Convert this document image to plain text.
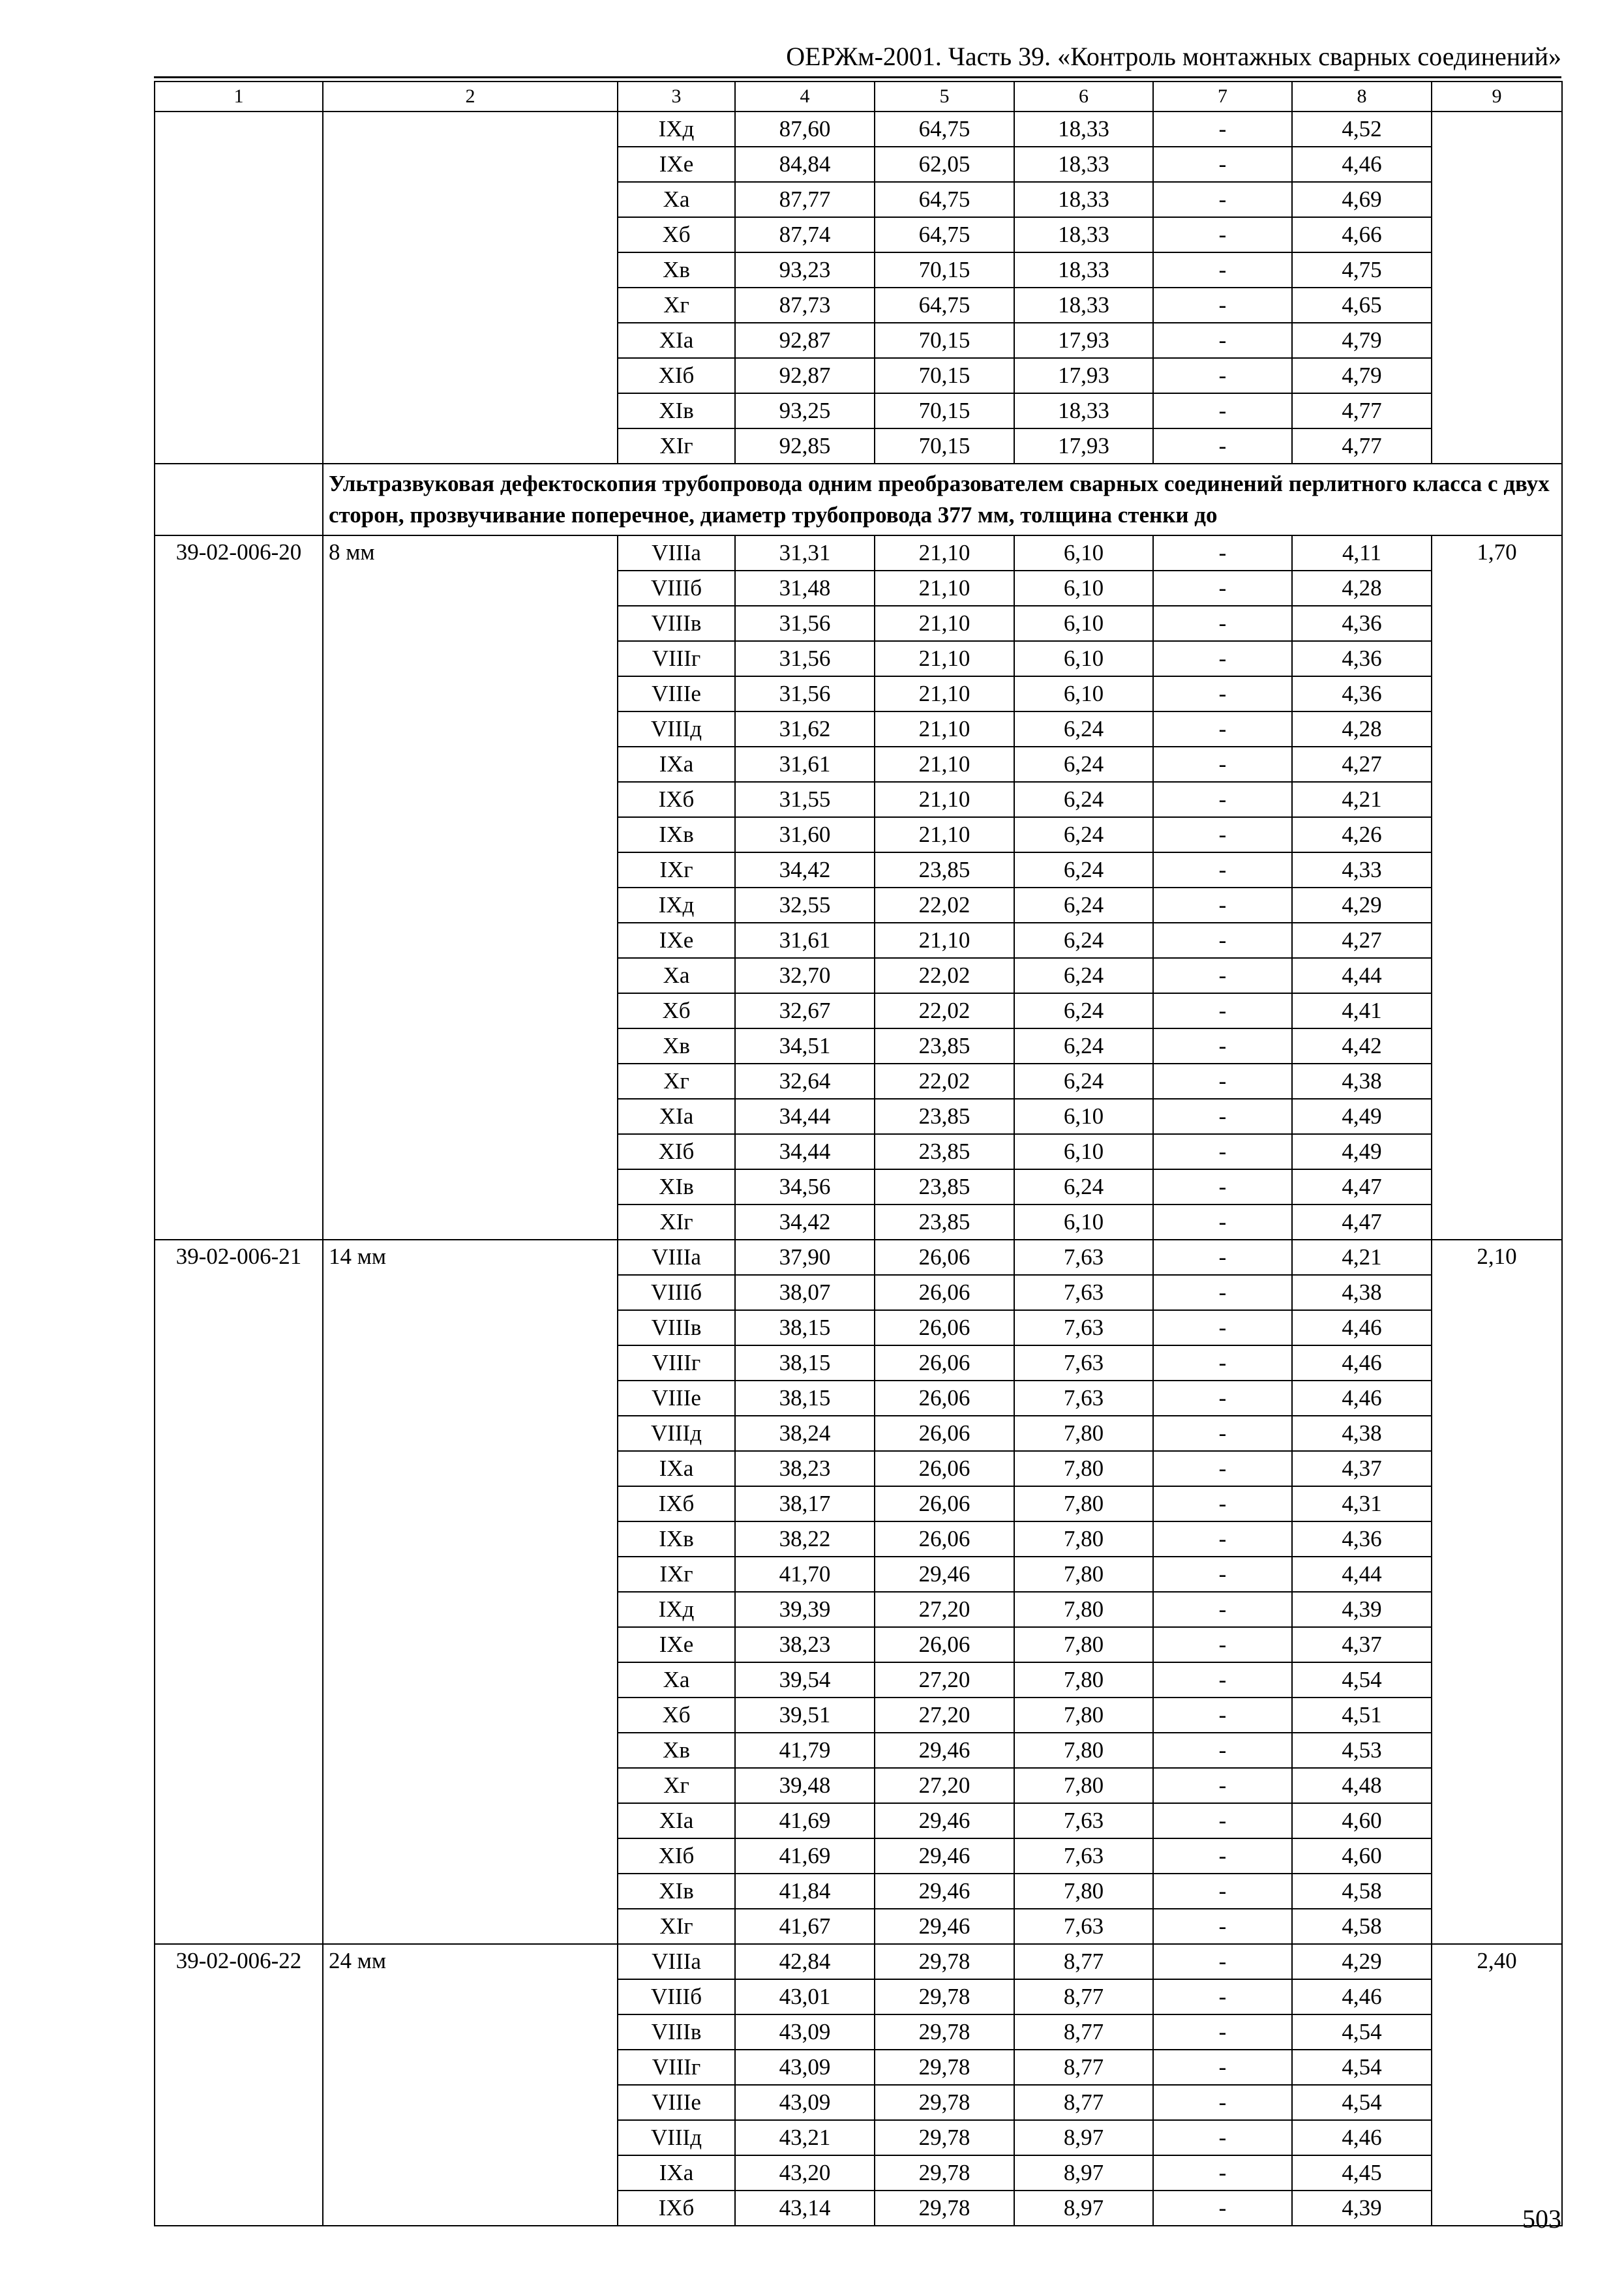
ОЕРЖм-2001. Часть 39. «Контроль монтажных сварных соединений»
1	2	3	4	5	6	7	8	9
		IXд	87,60	64,75	18,33	-	4,52	
		IXе	84,84	62,05	18,33	-	4,46	
		Xа	87,77	64,75	18,33	-	4,69	
		Xб	87,74	64,75	18,33	-	4,66	
		Xв	93,23	70,15	18,33	-	4,75	
		Xг	87,73	64,75	18,33	-	4,65	
		XIа	92,87	70,15	17,93	-	4,79	
		XIб	92,87	70,15	17,93	-	4,79	
		XIв	93,25	70,15	18,33	-	4,77	
		XIг	92,85	70,15	17,93	-	4,77	
	Ультразвуковая дефектоскопия трубопровода одним преобразователем сварных соединений перлитного класса с двух сторон, прозвучивание поперечное, диаметр трубопровода 377 мм, толщина стенки до							
39-02-006-20	8 мм	VIIIа	31,31	21,10	6,10	-	4,11	1,70
		VIIIб	31,48	21,10	6,10	-	4,28	
		VIIIв	31,56	21,10	6,10	-	4,36	
		VIIIг	31,56	21,10	6,10	-	4,36	
		VIIIе	31,56	21,10	6,10	-	4,36	
		VIIIд	31,62	21,10	6,24	-	4,28	
		IXа	31,61	21,10	6,24	-	4,27	
		IXб	31,55	21,10	6,24	-	4,21	
		IXв	31,60	21,10	6,24	-	4,26	
		IXг	34,42	23,85	6,24	-	4,33	
		IXд	32,55	22,02	6,24	-	4,29	
		IXе	31,61	21,10	6,24	-	4,27	
		Xа	32,70	22,02	6,24	-	4,44	
		Xб	32,67	22,02	6,24	-	4,41	
		Xв	34,51	23,85	6,24	-	4,42	
		Xг	32,64	22,02	6,24	-	4,38	
		XIа	34,44	23,85	6,10	-	4,49	
		XIб	34,44	23,85	6,10	-	4,49	
		XIв	34,56	23,85	6,24	-	4,47	
		XIг	34,42	23,85	6,10	-	4,47	
39-02-006-21	14 мм	VIIIа	37,90	26,06	7,63	-	4,21	2,10
		VIIIб	38,07	26,06	7,63	-	4,38	
		VIIIв	38,15	26,06	7,63	-	4,46	
		VIIIг	38,15	26,06	7,63	-	4,46	
		VIIIе	38,15	26,06	7,63	-	4,46	
		VIIIд	38,24	26,06	7,80	-	4,38	
		IXа	38,23	26,06	7,80	-	4,37	
		IXб	38,17	26,06	7,80	-	4,31	
		IXв	38,22	26,06	7,80	-	4,36	
		IXг	41,70	29,46	7,80	-	4,44	
		IXд	39,39	27,20	7,80	-	4,39	
		IXе	38,23	26,06	7,80	-	4,37	
		Xа	39,54	27,20	7,80	-	4,54	
		Xб	39,51	27,20	7,80	-	4,51	
		Xв	41,79	29,46	7,80	-	4,53	
		Xг	39,48	27,20	7,80	-	4,48	
		XIа	41,69	29,46	7,63	-	4,60	
		XIб	41,69	29,46	7,63	-	4,60	
		XIв	41,84	29,46	7,80	-	4,58	
		XIг	41,67	29,46	7,63	-	4,58	
39-02-006-22	24 мм	VIIIа	42,84	29,78	8,77	-	4,29	2,40
		VIIIб	43,01	29,78	8,77	-	4,46	
		VIIIв	43,09	29,78	8,77	-	4,54	
		VIIIг	43,09	29,78	8,77	-	4,54	
		VIIIе	43,09	29,78	8,77	-	4,54	
		VIIIд	43,21	29,78	8,97	-	4,46	
		IXа	43,20	29,78	8,97	-	4,45	
		IXб	43,14	29,78	8,97	-	4,39		503
